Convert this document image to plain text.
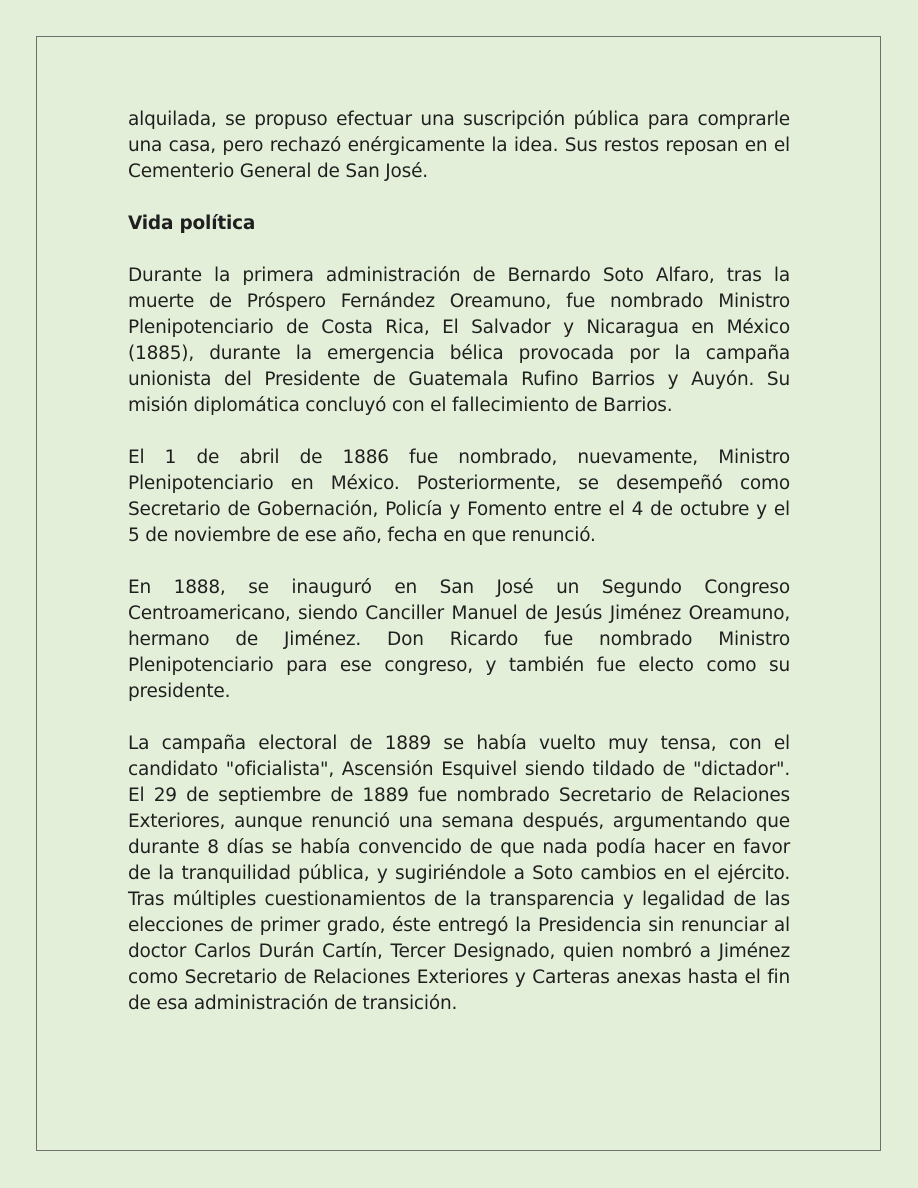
alquilada, se propuso efectuar una suscripción pública para comprarle una casa, pero rechazó enérgicamente la idea. Sus restos reposan en el Cementerio General de San José.

Vida política

Durante la primera administración de Bernardo Soto Alfaro, tras la muerte de Próspero Fernández Oreamuno, fue nombrado Ministro Plenipotenciario de Costa Rica, El Salvador y Nicaragua en México (1885), durante la emergencia bélica provocada por la campaña unionista del Presidente de Guatemala Rufino Barrios y Auyón. Su misión diplomática concluyó con el fallecimiento de Barrios.

El 1 de abril de 1886 fue nombrado, nuevamente, Ministro Plenipotenciario en México. Posteriormente, se desempeñó como Secretario de Gobernación, Policía y Fomento entre el 4 de octubre y el 5 de noviembre de ese año, fecha en que renunció.

En 1888, se inauguró en San José un Segundo Congreso Centroamericano, siendo Canciller Manuel de Jesús Jiménez Oreamuno, hermano de Jiménez. Don Ricardo fue nombrado Ministro Plenipotenciario para ese congreso, y también fue electo como su presidente.

La campaña electoral de 1889 se había vuelto muy tensa, con el candidato "oficialista", Ascensión Esquivel siendo tildado de "dictador". El 29 de septiembre de 1889 fue nombrado Secretario de Relaciones Exteriores, aunque renunció una semana después, argumentando que durante 8 días se había convencido de que nada podía hacer en favor de la tranquilidad pública, y sugiriéndole a Soto cambios en el ejército. Tras múltiples cuestionamientos de la transparencia y legalidad de las elecciones de primer grado, éste entregó la Presidencia sin renunciar al doctor Carlos Durán Cartín, Tercer Designado, quien nombró a Jiménez como Secretario de Relaciones Exteriores y Carteras anexas hasta el fin de esa administración de transición.
